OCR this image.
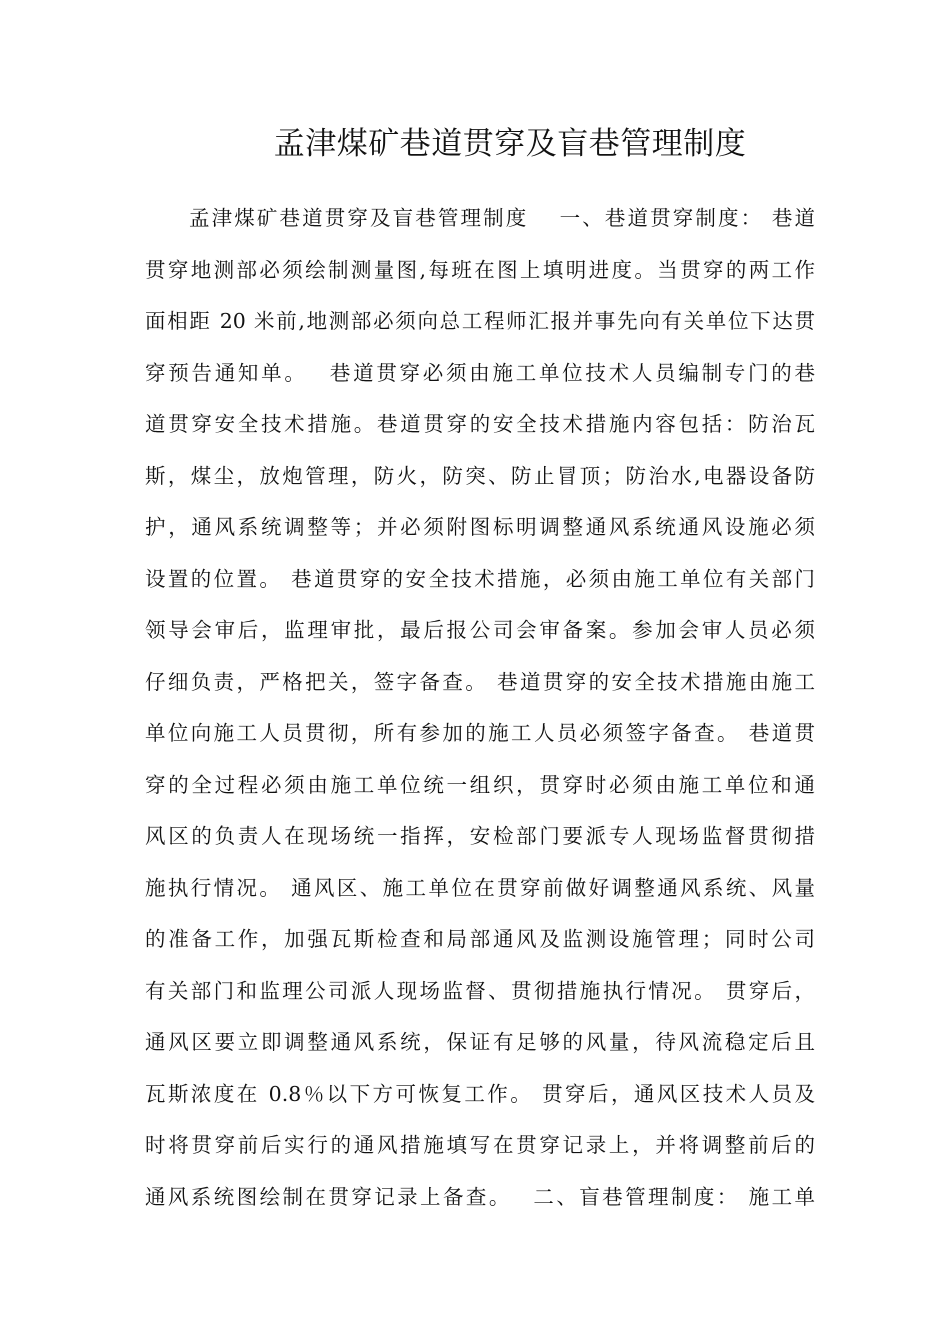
孟津煤矿巷道贯穿及盲巷管理制度
孟津煤矿巷道贯穿及盲巷管理制度　 一、巷道贯穿制度： 巷道
贯穿地测部必须绘制测量图,每班在图上填明进度。当贯穿的两工作
面相距 20 米前,地测部必须向总工程师汇报并事先向有关单位下达贯
穿预告通知单。　 巷道贯穿必须由施工单位技术人员编制专门的巷
道贯穿安全技术措施。巷道贯穿的安全技术措施内容包括：防治瓦
斯，煤尘，放炮管理，防火，防突、防止冒顶；防治水,电器设备防
护，通风系统调整等；并必须附图标明调整通风系统通风设施必须
设置的位置。 巷道贯穿的安全技术措施，必须由施工单位有关部门
领导会审后，监理审批，最后报公司会审备案。参加会审人员必须
仔细负责，严格把关，签字备查。 巷道贯穿的安全技术措施由施工
单位向施工人员贯彻，所有参加的施工人员必须签字备查。 巷道贯
穿的全过程必须由施工单位统一组织，贯穿时必须由施工单位和通
风区的负责人在现场统一指挥，安检部门要派专人现场监督贯彻措
施执行情况。 通风区、施工单位在贯穿前做好调整通风系统、风量
的准备工作，加强瓦斯检查和局部通风及监测设施管理；同时公司
有关部门和监理公司派人现场监督、贯彻措施执行情况。 贯穿后，
通风区要立即调整通风系统，保证有足够的风量，待风流稳定后且
瓦斯浓度在 0.8％以下方可恢复工作。 贯穿后，通风区技术人员及
时将贯穿前后实行的通风措施填写在贯穿记录上，并将调整前后的
通风系统图绘制在贯穿记录上备查。　 二、盲巷管理制度： 施工单
